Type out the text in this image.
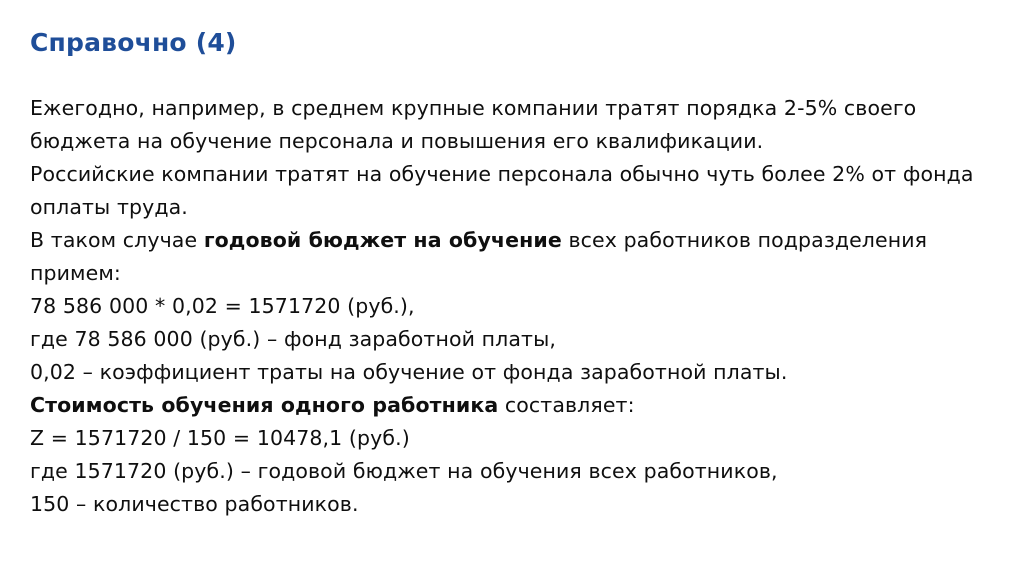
Справочно (4)

Ежегодно, например, в среднем крупные компании тратят порядка 2-5% своего бюджета на обучение персонала и повышения его квалификации.

Российские компании тратят на обучение персонала обычно чуть более 2% от фонда оплаты труда.

В таком случае годовой бюджет на обучение всех работников подразделения примем:

78 586 000 * 0,02 = 1571720 (руб.),

где 78 586 000 (руб.) – фонд заработной платы,

0,02 – коэффициент траты на обучение от фонда заработной платы.

Стоимость обучения одного работника составляет:

Z = 1571720 / 150 = 10478,1 (руб.)

где 1571720 (руб.) – годовой бюджет на обучения всех работников,

150 – количество работников.
